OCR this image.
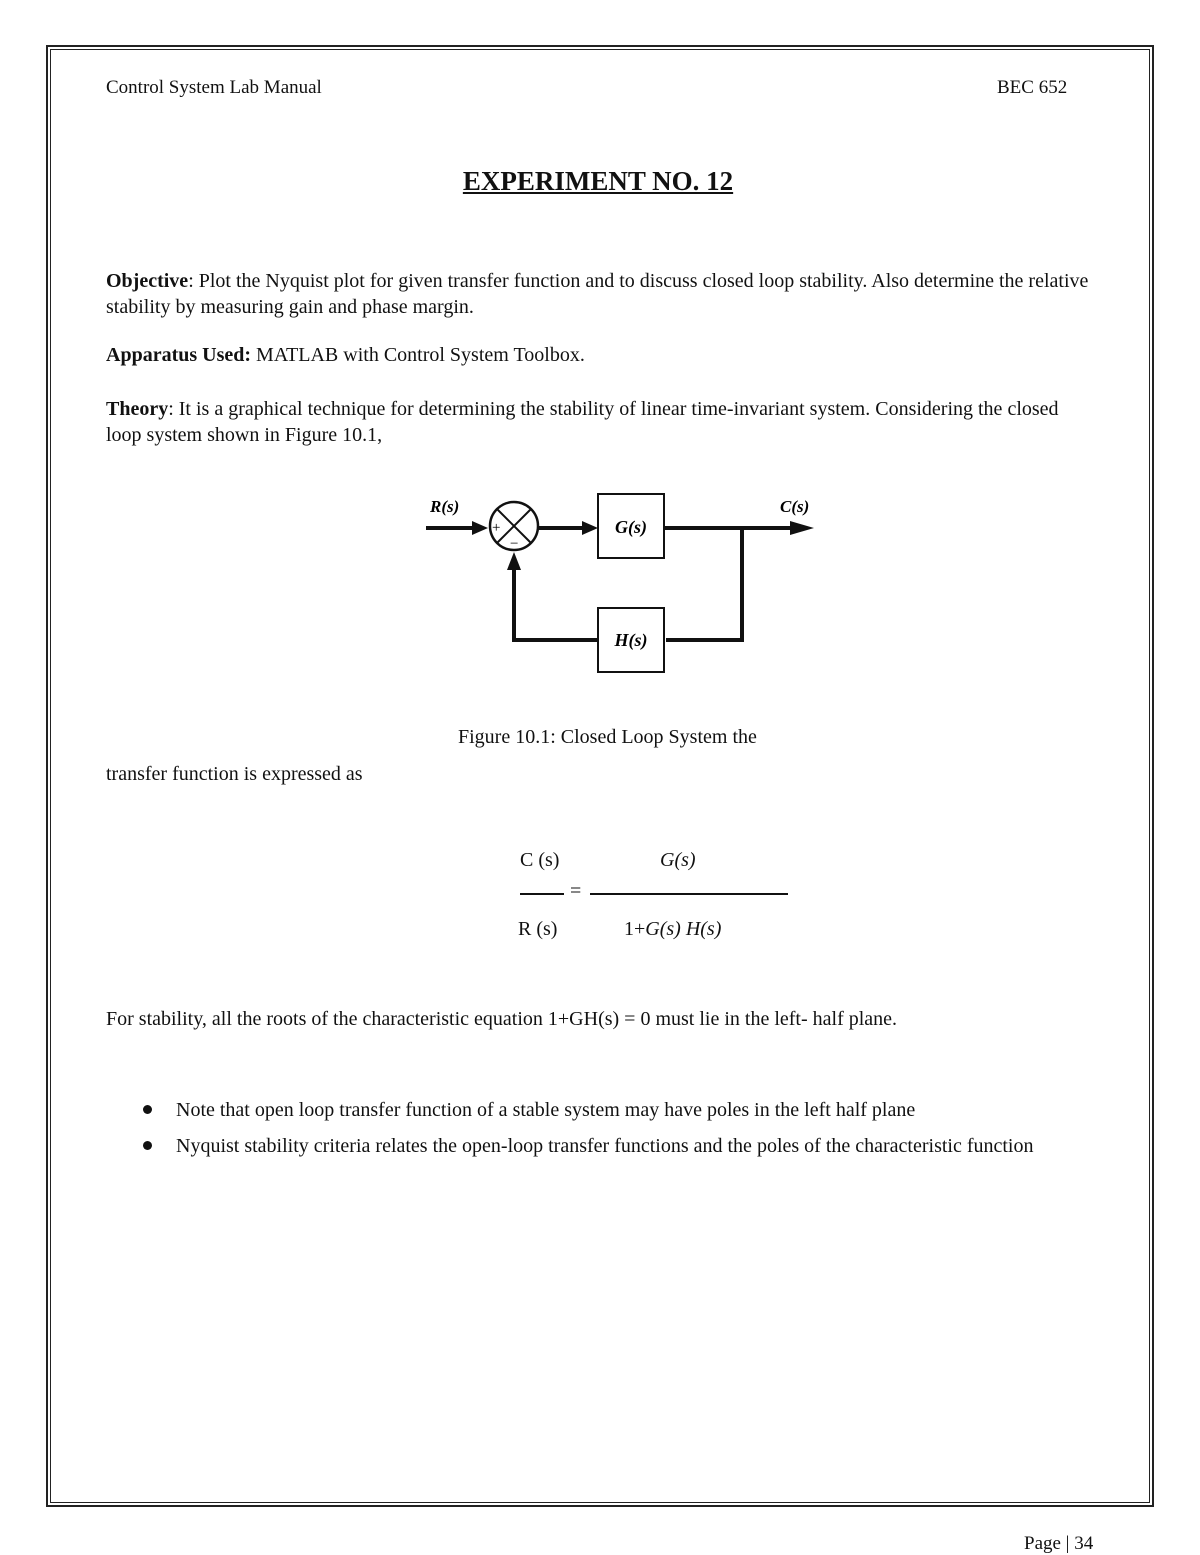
Control System Lab Manual	BEC 652
EXPERIMENT NO. 12
Objective: Plot the Nyquist plot for given transfer function and to discuss closed loop stability. Also determine the relative stability by measuring gain and phase margin.
Apparatus Used: MATLAB with Control System Toolbox.
Theory: It is a graphical technique for determining the stability of linear time-invariant system. Considering the closed loop system shown in Figure 10.1,
R(s)
+
−
G(s)
C(s)
H(s)
Figure 10.1: Closed Loop System the
transfer function is expressed as
C (s)	G(s)
=
R (s)	1+G(s) H(s)
For stability, all the roots of the characteristic equation 1+GH(s) = 0 must lie in the left- half plane.
Note that open loop transfer function of a stable system may have poles in the left half plane
Nyquist stability criteria relates the open-loop transfer functions and the poles of the characteristic function
Page | 34
